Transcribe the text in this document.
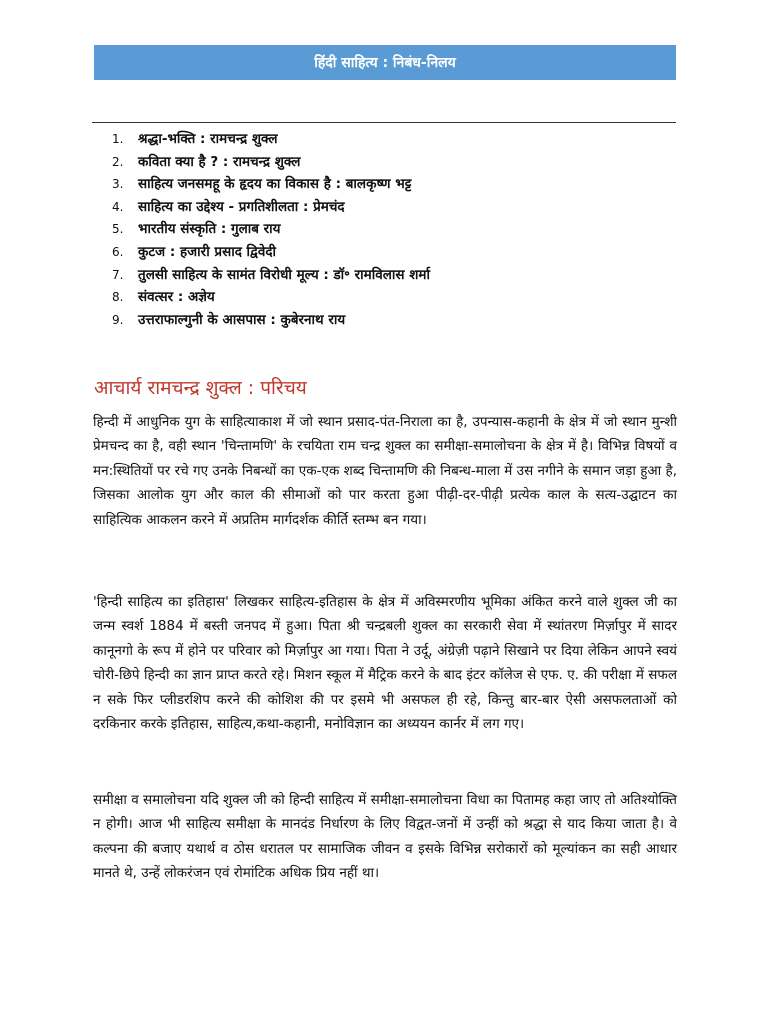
हिंदी साहित्य : निबंध-निलय
1. श्रद्धा-भक्ति : रामचन्द्र शुक्ल
2. कविता क्या है ? : रामचन्द्र शुक्ल
3. साहित्य जनसमहू के हृदय का विकास है : बालकृष्ण भट्ट
4. साहित्य का उद्देश्य - प्रगतिशीलता : प्रेमचंद
5. भारतीय संस्कृति : गुलाब राय
6. कुटज : हजारी प्रसाद द्विवेदी
7. तुलसी साहित्य के सामंत विरोधी मूल्य : डॉ॰ रामविलास शर्मा
8. संवत्सर : अज्ञेय
9. उत्तराफाल्गुनी के आसपास : कुबेरनाथ राय
आचार्य रामचन्द्र शुक्ल : परिचय

हिन्दी में आधुनिक युग के साहित्याकाश में जो स्थान प्रसाद-पंत-निराला का है, उपन्यास-कहानी के क्षेत्र में जो स्थान मुन्शी प्रेमचन्द का है, वही स्थान 'चिन्तामणि' के रचयिता राम चन्द्र शुक्ल का समीक्षा-समालोचना के क्षेत्र में है। विभिन्न विषयों व मन:स्थितियों पर रचे गए उनके निबन्धों का एक-एक शब्द चिन्तामणि की निबन्ध-माला में उस नगीने के समान जड़ा हुआ है, जिसका आलोक युग और काल की सीमाओं को पार करता हुआ पीढ़ी-दर-पीढ़ी प्रत्येक काल के सत्य-उद्घाटन का साहित्यिक आकलन करने में अप्रतिम मार्गदर्शक कीर्ति स्तम्भ बन गया।

'हिन्दी साहित्य का इतिहास' लिखकर साहित्य-इतिहास के क्षेत्र में अविस्मरणीय भूमिका अंकित करने वाले शुक्ल जी का जन्म स्वर्श 1884 में बस्ती जनपद में हुआ। पिता श्री चन्द्रबली शुक्ल का सरकारी सेवा में स्थांतरण मिर्ज़ापुर में सादर कानूनगो के रूप में होने पर परिवार को मिर्ज़ापुर आ गया। पिता ने उर्दू, अंग्रेज़ी पढ़ाने सिखाने पर दिया लेकिन आपने स्वयं चोरी-छिपे हिन्दी का ज्ञान प्राप्त करते रहे। मिशन स्कूल में मैट्रिक करने के बाद इंटर कॉलेज से एफ. ए. की परीक्षा में सफल न सके फिर प्लीडरशिप करने की कोशिश की पर इसमे भी असफल ही रहे, किन्तु बार-बार ऐसी असफलताओं को दरकिनार करके इतिहास, साहित्य,कथा-कहानी, मनोविज्ञान का अध्ययन कार्नर में लग गए।

समीक्षा व समालोचना यदि शुक्ल जी को हिन्दी साहित्य में समीक्षा-समालोचना विधा का पितामह कहा जाए तो अतिश्योक्ति न होगी। आज भी साहित्य समीक्षा के मानदंड निर्धारण के लिए विद्वत-जनों में उन्हीं को श्रद्धा से याद किया जाता है। वे कल्पना की बजाए यथार्थ व ठोस धरातल पर सामाजिक जीवन व इसके विभिन्न सरोकारों को मूल्यांकन का सही आधार मानते थे, उन्हें लोकरंजन एवं रोमांटिक अधिक प्रिय नहीं था।
